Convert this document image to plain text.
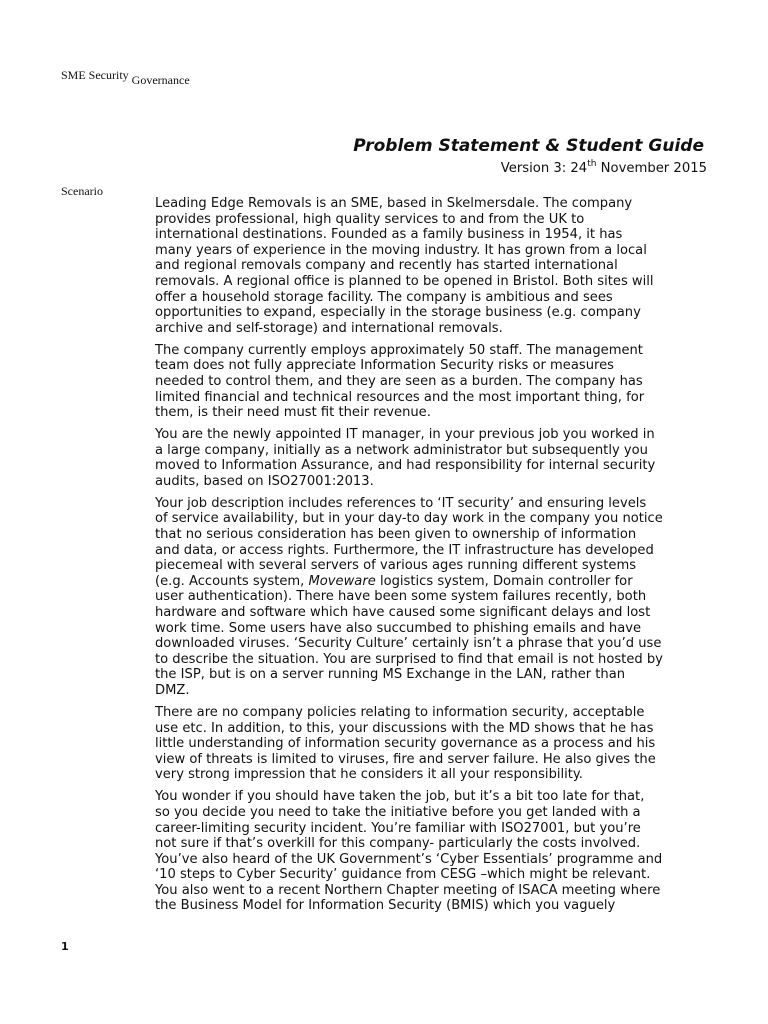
SME Security Governance
Problem Statement & Student Guide
Version 3: 24th November 2015
Scenario

Leading Edge Removals is an SME, based in Skelmersdale. The company
provides professional, high quality services to and from the UK to
international destinations. Founded as a family business in 1954, it has
many years of experience in the moving industry. It has grown from a local
and regional removals company and recently has started international
removals. A regional office is planned to be opened in Bristol. Both sites will
offer a household storage facility. The company is ambitious and sees
opportunities to expand, especially in the storage business (e.g. company
archive and self-storage) and international removals.

The company currently employs approximately 50 staff. The management
team does not fully appreciate Information Security risks or measures
needed to control them, and they are seen as a burden. The company has
limited financial and technical resources and the most important thing, for
them, is their need must fit their revenue.

You are the newly appointed IT manager, in your previous job you worked in
a large company, initially as a network administrator but subsequently you
moved to Information Assurance, and had responsibility for internal security
audits, based on ISO27001:2013.

Your job description includes references to ‘IT security’ and ensuring levels
of service availability, but in your day-to day work in the company you notice
that no serious consideration has been given to ownership of information
and data, or access rights. Furthermore, the IT infrastructure has developed
piecemeal with several servers of various ages running different systems
(e.g. Accounts system, Moveware logistics system, Domain controller for
user authentication). There have been some system failures recently, both
hardware and software which have caused some significant delays and lost
work time. Some users have also succumbed to phishing emails and have
downloaded viruses. ‘Security Culture’ certainly isn’t a phrase that you’d use
to describe the situation. You are surprised to find that email is not hosted by
the ISP, but is on a server running MS Exchange in the LAN, rather than
DMZ.

There are no company policies relating to information security, acceptable
use etc. In addition, to this, your discussions with the MD shows that he has
little understanding of information security governance as a process and his
view of threats is limited to viruses, fire and server failure. He also gives the
very strong impression that he considers it all your responsibility.

You wonder if you should have taken the job, but it’s a bit too late for that,
so you decide you need to take the initiative before you get landed with a
career-limiting security incident. You’re familiar with ISO27001, but you’re
not sure if that’s overkill for this company- particularly the costs involved.
You’ve also heard of the UK Government’s ‘Cyber Essentials’ programme and
‘10 steps to Cyber Security’ guidance from CESG –which might be relevant.
You also went to a recent Northern Chapter meeting of ISACA meeting where
the Business Model for Information Security (BMIS) which you vaguely

1
